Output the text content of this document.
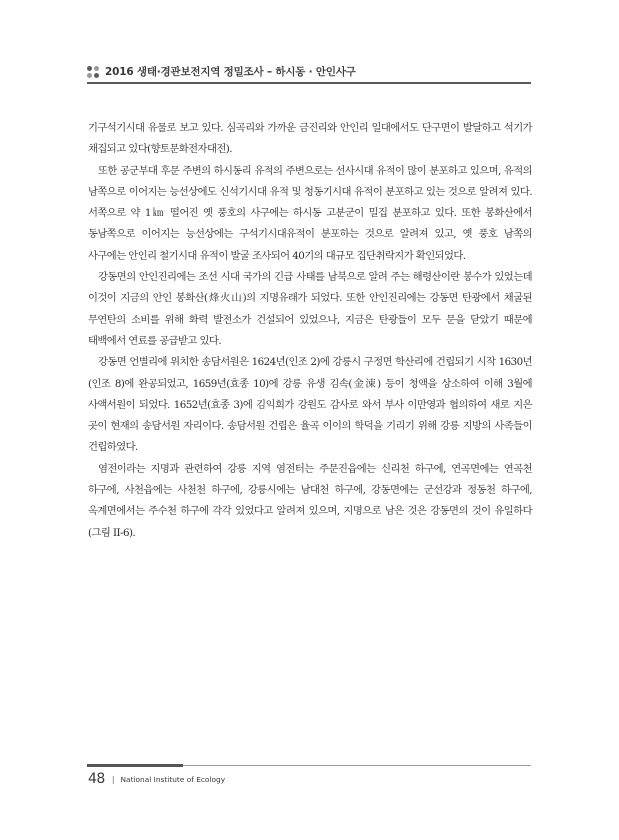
2016 생태·경관보전지역 정밀조사 – 하시동 · 안인사구

기구석기시대 유물로 보고 있다. 심곡리와 가까운 금진리와 안인리 일대에서도 단구면이 발달하고 석기가 채집되고 있다(향토문화전자대전).

또한 공군부대 후문 주변의 하시동리 유적의 주변으로는 선사시대 유적이 많이 분포하고 있으며, 유적의 남쪽으로 이어지는 능선상에도 신석기시대 유적 및 청동기시대 유적이 분포하고 있는 것으로 알려져 있다. 서쪽으로 약 1㎞ 떨어진 옛 풍호의 사구에는 하시동 고분군이 밀집 분포하고 있다. 또한 봉화산에서 동남쪽으로 이어지는 능선상에는 구석기시대유적이 분포하는 것으로 알려져 있고, 옛 풍호 남쪽의 사구에는 안인리 철기시대 유적이 발굴 조사되어 40기의 대규모 집단취락지가 확인되었다.

강동면의 안인진리에는 조선 시대 국가의 긴급 사태를 남북으로 알려 주는 해령산이란 봉수가 있었는데 이것이 지금의 안인 봉화산(烽火山)의 지명유래가 되었다. 또한 안인진리에는 강동면 탄광에서 채굴된 무연탄의 소비를 위해 화력 발전소가 건설되어 있었으나, 지금은 탄광들이 모두 문을 닫았기 때문에 태백에서 연료를 공급받고 있다.

강동면 언별리에 위치한 송담서원은 1624년(인조 2)에 강릉시 구정면 학산리에 건립되기 시작 1630년(인조 8)에 완공되었고, 1659년(효종 10)에 강릉 유생 김속(金涑) 등이 청액을 상소하여 이해 3월에 사액서원이 되었다. 1652년(효종 3)에 김익희가 강원도 감사로 와서 부사 이만영과 협의하여 새로 지은 곳이 현재의 송담서원 자리이다. 송담서원 건립은 율곡 이이의 학덕을 기리기 위해 강릉 지방의 사족들이 건립하였다.

염전이라는 지명과 관련하여 강릉 지역 염전터는 주문진읍에는 신리천 하구에, 연곡면에는 연곡천 하구에, 사천읍에는 사천천 하구에, 강릉시에는 남대천 하구에, 강동면에는 군선강과 정동천 하구에, 옥계면에서는 주수천 하구에 각각 있었다고 알려져 있으며, 지명으로 남은 것은 강동면의 것이 유일하다(그림 II-6).

48 | National Institute of Ecology
